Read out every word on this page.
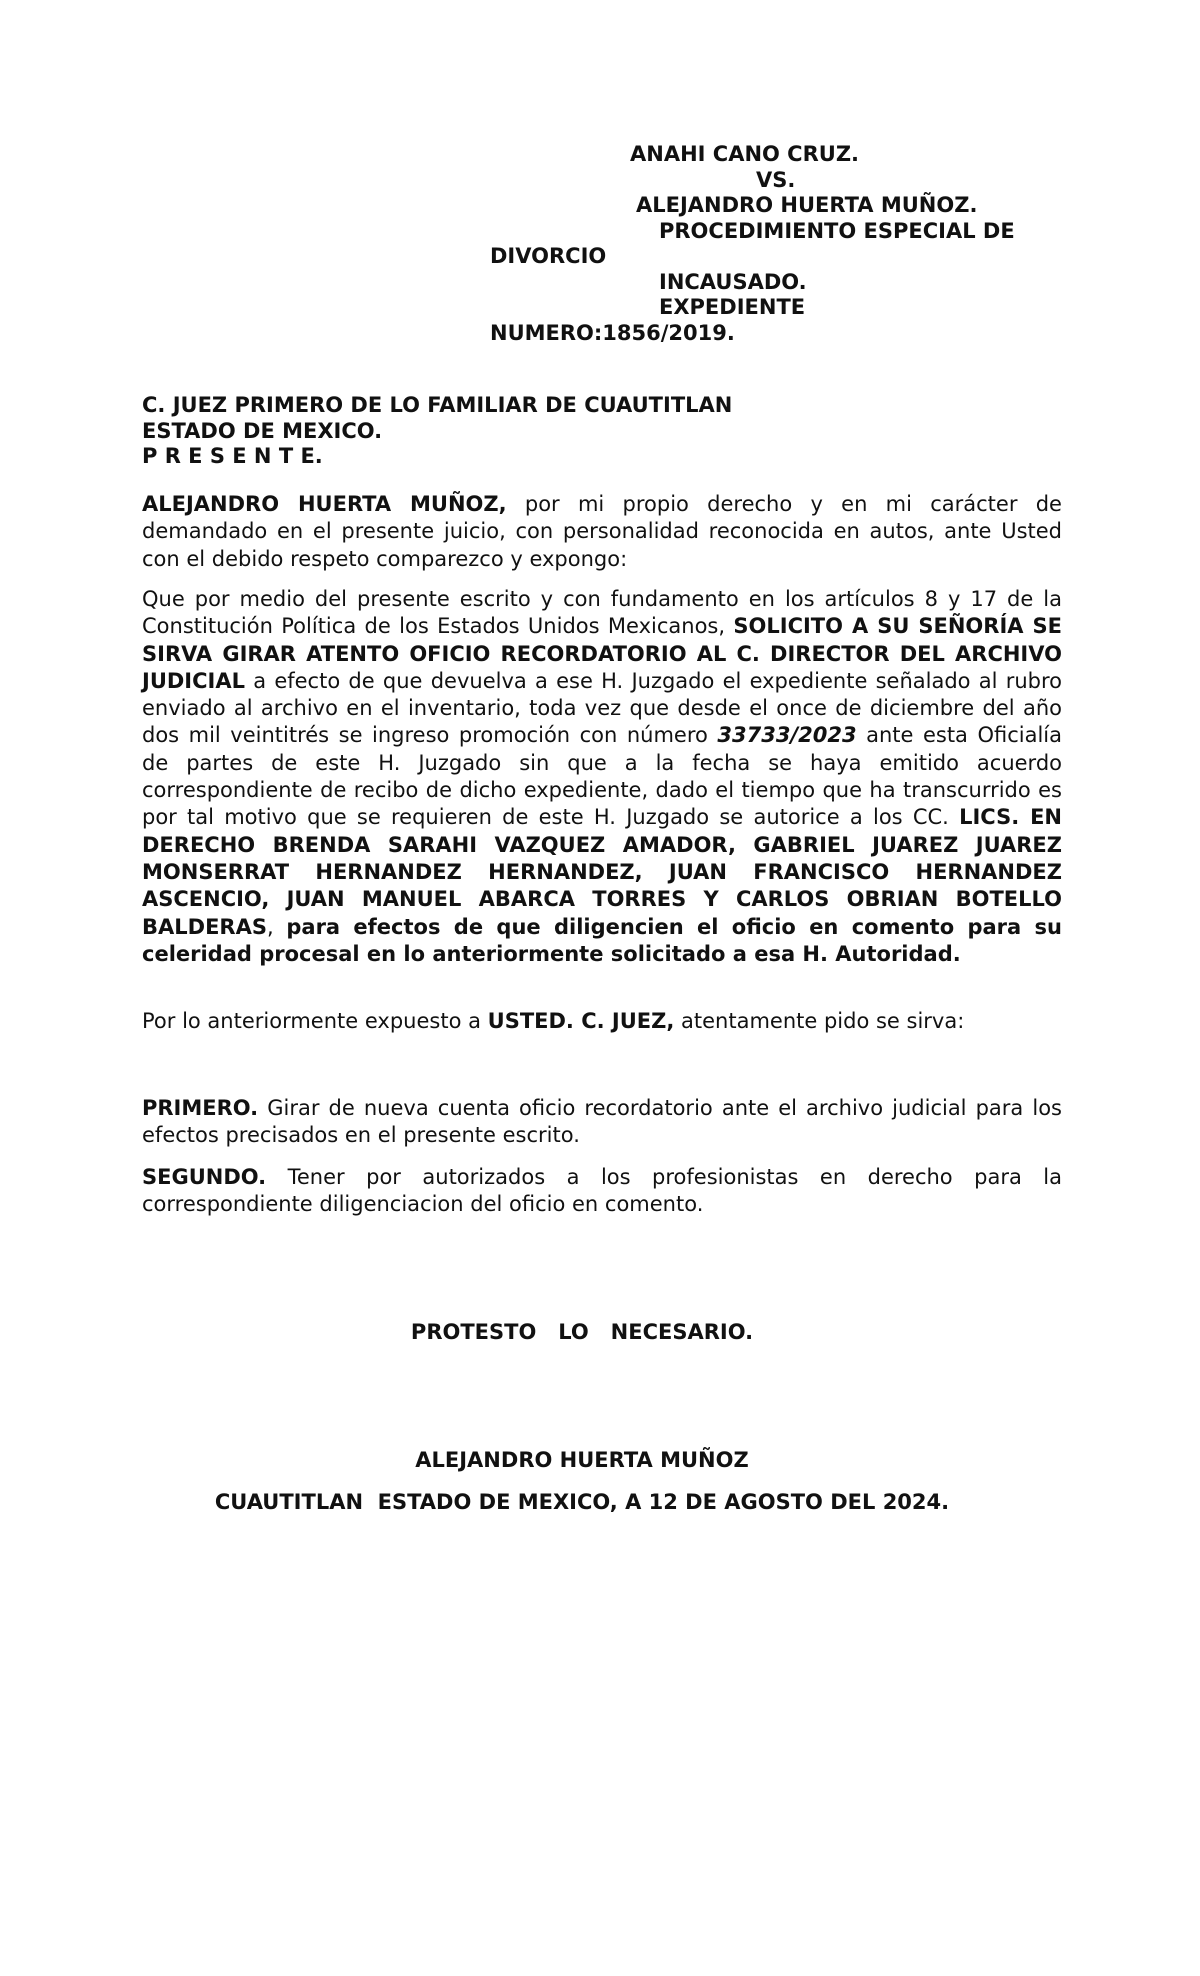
ANAHI CANO CRUZ.
VS.
ALEJANDRO HUERTA MUÑOZ.
PROCEDIMIENTO ESPECIAL DE
DIVORCIO
INCAUSADO.
EXPEDIENTE
NUMERO:1856/2019.
C. JUEZ PRIMERO DE LO FAMILIAR DE CUAUTITLAN
ESTADO DE MEXICO.
P R E S E N T E.

ALEJANDRO HUERTA MUÑOZ, por mi propio derecho y en mi carácter de demandado en el presente juicio, con personalidad reconocida en autos, ante Usted con el debido respeto comparezco y expongo:

Que por medio del presente escrito y con fundamento en los artículos 8 y 17 de la Constitución Política de los Estados Unidos Mexicanos, SOLICITO A SU SEÑORÍA SE SIRVA GIRAR ATENTO OFICIO RECORDATORIO AL C. DIRECTOR DEL ARCHIVO JUDICIAL a efecto de que devuelva a ese H. Juzgado el expediente señalado al rubro enviado al archivo en el inventario, toda vez que desde el once de diciembre del año dos mil veintitrés se ingreso promoción con número 33733/2023 ante esta Oficialía de partes de este H. Juzgado sin que a la fecha se haya emitido acuerdo correspondiente de recibo de dicho expediente, dado el tiempo que ha transcurrido es por tal motivo que se requieren de este H. Juzgado se autorice a los CC. LICS. EN DERECHO BRENDA SARAHI VAZQUEZ AMADOR, GABRIEL JUAREZ JUAREZ MONSERRAT HERNANDEZ HERNANDEZ, JUAN FRANCISCO HERNANDEZ ASCENCIO, JUAN MANUEL ABARCA TORRES Y CARLOS OBRIAN BOTELLO BALDERAS, para efectos de que diligencien el oficio en comento para su celeridad procesal en lo anteriormente solicitado a esa H. Autoridad.

Por lo anteriormente expuesto a USTED. C. JUEZ, atentamente pido se sirva:

PRIMERO. Girar de nueva cuenta oficio recordatorio ante el archivo judicial para los efectos precisados en el presente escrito.

SEGUNDO. Tener por autorizados a los profesionistas en derecho para la correspondiente diligenciacion del oficio en comento.

PROTESTO   LO   NECESARIO.
ALEJANDRO HUERTA MUÑOZ
CUAUTITLAN  ESTADO DE MEXICO, A 12 DE AGOSTO DEL 2024.
